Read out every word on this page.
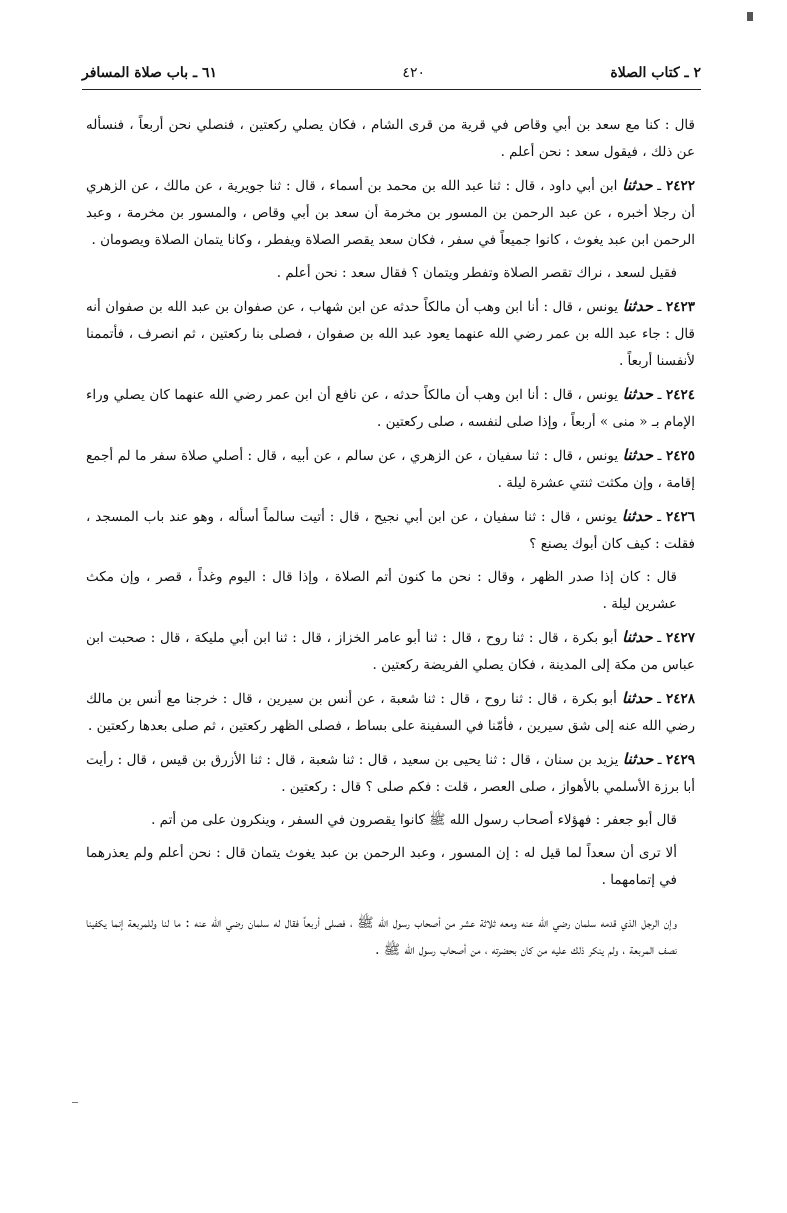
٢ ـ كتاب الصلاة
٤٢٠
٦١ ـ باب صلاة المسافر

قال : كنا مع سعد بن أبي وقاص في قرية من قرى الشام ، فكان يصلي ركعتين ، فنصلي نحن أربعاً ، فنسأله عن ذلك ، فيقول سعد : نحن أعلم .

٢٤٢٢ ـ حدثنا ابن أبي داود ، قال : ثنا عبد الله بن محمد بن أسماء ، قال : ثنا جويرية ، عن مالك ، عن الزهري أن رجلا أخبره ، عن عبد الرحمن بن المسور بن مخرمة أن سعد بن أبي وقاص ، والمسور بن مخرمة ، وعبد الرحمن ابن عبد يغوث ، كانوا جميعاً في سفر ، فكان سعد يقصر الصلاة ويفطر ، وكانا يتمان الصلاة ويصومان .

فقيل لسعد ، نراك تقصر الصلاة وتفطر ويتمان ؟ فقال سعد : نحن أعلم .

٢٤٢٣ ـ حدثنا يونس ، قال : أنا ابن وهب أن مالكاً حدثه عن ابن شهاب ، عن صفوان بن عبد الله بن صفوان أنه قال : جاء عبد الله بن عمر رضي الله عنهما يعود عبد الله بن صفوان ، فصلى بنا ركعتين ، ثم انصرف ، فأتممنا لأنفسنا أربعاً .

٢٤٢٤ ـ حدثنا يونس ، قال : أنا ابن وهب أن مالكاً حدثه ، عن نافع أن ابن عمر رضي الله عنهما كان يصلي وراء الإمام بـ « منى » أربعاً ، وإذا صلى لنفسه ، صلى ركعتين .

٢٤٢٥ ـ حدثنا يونس ، قال : ثنا سفيان ، عن الزهري ، عن سالم ، عن أبيه ، قال : أصلي صلاة سفر ما لم أجمع إقامة ، وإن مكثت ثنتي عشرة ليلة .

٢٤٢٦ ـ حدثنا يونس ، قال : ثنا سفيان ، عن ابن أبي نجيح ، قال : أتيت سالماً أسأله ، وهو عند باب المسجد ، فقلت : كيف كان أبوك يصنع ؟

قال : كان إذا صدر الظهر ، وقال : نحن ما كنون أتم الصلاة ، وإذا قال : اليوم وغداً ، قصر ، وإن مكث عشرين ليلة .

٢٤٢٧ ـ حدثنا أبو بكرة ، قال : ثنا روح ، قال : ثنا أبو عامر الخزاز ، قال : ثنا ابن أبي مليكة ، قال : صحبت ابن عباس من مكة إلى المدينة ، فكان يصلي الفريضة ركعتين .

٢٤٢٨ ـ حدثنا أبو بكرة ، قال : ثنا روح ، قال : ثنا شعبة ، عن أنس بن سيرين ، قال : خرجنا مع أنس بن مالك رضي الله عنه إلى شق سيرين ، فأمّنا في السفينة على بساط ، فصلى الظهر ركعتين ، ثم صلى بعدها ركعتين .

٢٤٢٩ ـ حدثنا يزيد بن سنان ، قال : ثنا يحيى بن سعيد ، قال : ثنا شعبة ، قال : ثنا الأزرق بن قيس ، قال : رأيت أبا برزة الأسلمي بالأهواز ، صلى العصر ، قلت : فكم صلى ؟ قال : ركعتين .

قال أبو جعفر : فهؤلاء أصحاب رسول الله ﷺ كانوا يقصرون في السفر ، وينكرون على من أتم .

ألا ترى أن سعداً لما قيل له : إن المسور ، وعبد الرحمن بن عبد يغوث يتمان قال : نحن أعلم ولم يعذرهما في إتمامهما .

وإن الرجل الذي قدمه سلمان رضي الله عنه ومعه ثلاثة عشر من أصحاب رسول الله ﷺ ، فصلى أربعاً فقال له سلمان رضي الله عنه : ما لنا وللمربعة إنما يكفينا نصف المربعة ، ولم ينكر ذلك عليه من كان بحضرته ، من أصحاب رسول الله ﷺ .
